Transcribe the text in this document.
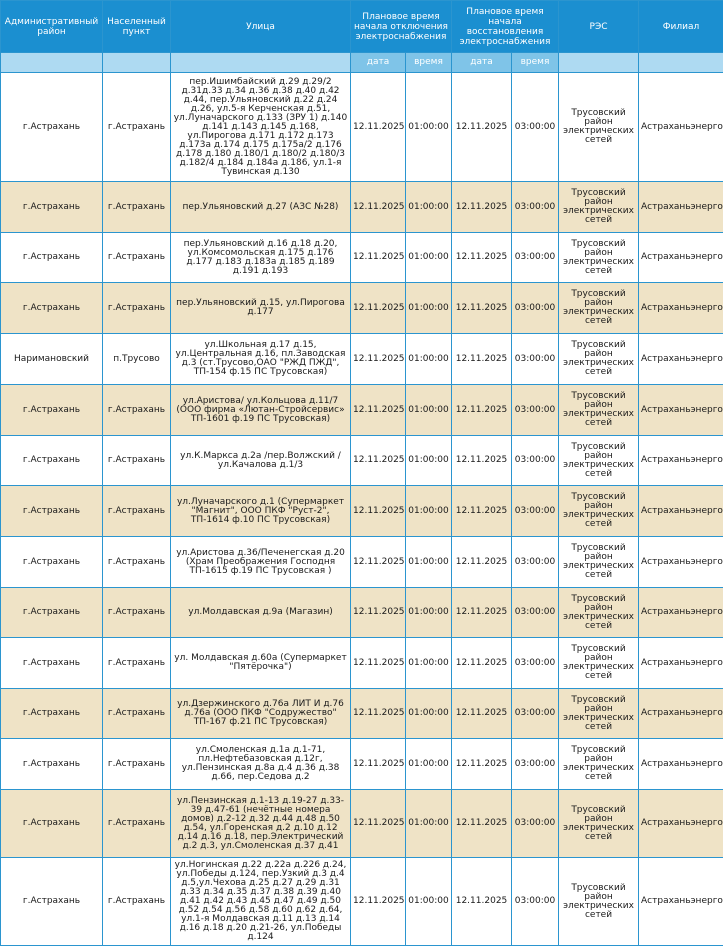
Административный район	Населенный пункт	Улица	Плановое время начала отключения электроснабжения		Плановое время начала восстановления электроснабжения		РЭС	Филиал
			дата	время	дата	время		
г.Астрахань	г.Астрахань	пер.Ишимбайский д.29 д.29/2 д.31д.33 д.34 д.36 д.38 д.40 д.42 д.44, пер.Ульяновский д.22 д.24 д.26, ул.5-я Керченская д.51, ул.Луначарского д.133 (ЗРУ 1) д.140 д.141 д.143 д.145 д.168, ул.Пирогова д.171 д.172 д.173 д.173а д.174 д.175 д.175а/2 д.176 д.178 д.180 д.180/1 д.180/2 д.180/3 д.182/4 д.184 д.184а д.186, ул.1-я Тувинская д.130	12.11.2025	01:00:00	12.11.2025	03:00:00	Трусовский район электрических сетей	Астраханьэнерго
г.Астрахань	г.Астрахань	пер.Ульяновский д.27 (АЗС №28)	12.11.2025	01:00:00	12.11.2025	03:00:00	Трусовский район электрических сетей	Астраханьэнерго
г.Астрахань	г.Астрахань	пер.Ульяновский д.16 д.18 д.20, ул.Комсомольская д.175 д.176 д.177 д.183 д.183а д.185 д.189 д.191 д.193	12.11.2025	01:00:00	12.11.2025	03:00:00	Трусовский район электрических сетей	Астраханьэнерго
г.Астрахань	г.Астрахань	пер.Ульяновский д.15, ул.Пирогова д.177	12.11.2025	01:00:00	12.11.2025	03:00:00	Трусовский район электрических сетей	Астраханьэнерго
Наримановский	п.Трусово	ул.Школьная д.17 д.15, ул.Центральная д.16, пл.Заводская д.3 (ст.Трусово,ОАО "РЖД ПЖД", ТП-154 ф.15 ПС Трусовская)	12.11.2025	01:00:00	12.11.2025	03:00:00	Трусовский район электрических сетей	Астраханьэнерго
г.Астрахань	г.Астрахань	ул.Аристова/ ул.Кольцова д.11/7 (ООО фирма «Лютан-Стройсервис» ТП-1601 ф.19 ПС Трусовская)	12.11.2025	01:00:00	12.11.2025	03:00:00	Трусовский район электрических сетей	Астраханьэнерго
г.Астрахань	г.Астрахань	ул.К.Маркса д.2а /пер.Волжский / ул.Качалова д.1/3	12.11.2025	01:00:00	12.11.2025	03:00:00	Трусовский район электрических сетей	Астраханьэнерго
г.Астрахань	г.Астрахань	ул.Луначарского д.1 (Супермаркет "Магнит", ООО ПКФ "Руст-2", ТП-1614 ф.10 ПС Трусовская)	12.11.2025	01:00:00	12.11.2025	03:00:00	Трусовский район электрических сетей	Астраханьэнерго
г.Астрахань	г.Астрахань	ул.Аристова д.36/Печенегская д.20 (Храм Преображения Господня ТП-1615 ф.19 ПС Трусовская )	12.11.2025	01:00:00	12.11.2025	03:00:00	Трусовский район электрических сетей	Астраханьэнерго
г.Астрахань	г.Астрахань	ул.Молдавская д.9а (Магазин)	12.11.2025	01:00:00	12.11.2025	03:00:00	Трусовский район электрических сетей	Астраханьэнерго
г.Астрахань	г.Астрахань	ул. Молдавская д.60а (Супермаркет "Пятёрочка")	12.11.2025	01:00:00	12.11.2025	03:00:00	Трусовский район электрических сетей	Астраханьэнерго
г.Астрахань	г.Астрахань	ул.Дзержинского д.76а ЛИТ И д.76 д.76а (ООО ПКФ "Содружество" ТП-167 ф.21 ПС Трусовская)	12.11.2025	01:00:00	12.11.2025	03:00:00	Трусовский район электрических сетей	Астраханьэнерго
г.Астрахань	г.Астрахань	ул.Смоленская д.1а д.1-71, пл.Нефтебазовская д.12г, ул.Пензинская д.8а д.4 д.36 д.38 д.66, пер.Седова д.2	12.11.2025	01:00:00	12.11.2025	03:00:00	Трусовский район электрических сетей	Астраханьэнерго
г.Астрахань	г.Астрахань	ул.Пензинская д.1-13 д.19-27 д.33-39 д.47-61 (нечётные номера домов) д.2-12 д.32 д.44 д.48 д.50 д.54, ул.Горенская д.2 д.10 д.12 д.14 д.16 д.18, пер.Электрический д.2 д.3, ул.Смоленская д.37 д.41	12.11.2025	01:00:00	12.11.2025	03:00:00	Трусовский район электрических сетей	Астраханьэнерго
г.Астрахань	г.Астрахань	ул.Ногинская д.22 д.22а д.226 д.24, ул.Победы д.124, пер.Узкий д.3 д.4 д.5,ул.Чехова д.25 д.27 д.29 д.31 д.33 д.34 д.35 д.37 д.38 д.39 д.40 д.41 д.42 д.43 д.45 д.47 д.49 д.50 д.52 д.54 д.56 д.58 д.60 д.62 д.64, ул.1-я Молдавская д.11 д.13 д.14 д.16 д.18 д.20 д.21-26, ул.Победы д.124	12.11.2025	01:00:00	12.11.2025	03:00:00	Трусовский район электрических сетей	Астраханьэнерго
